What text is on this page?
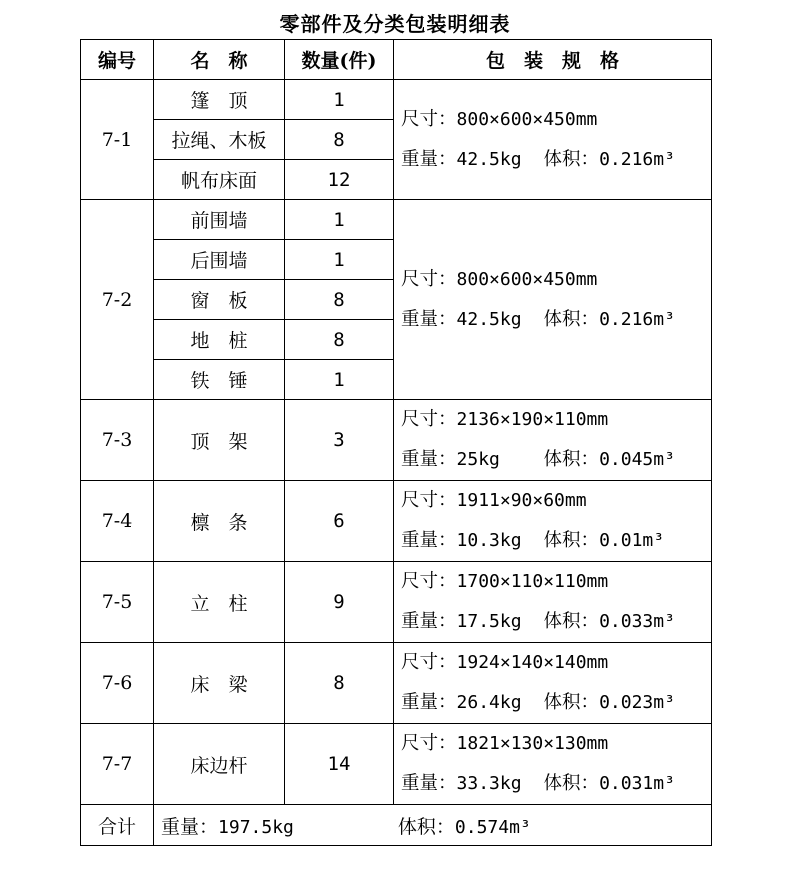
零部件及分类包装明细表
编号	名　称	数量(件)	包　装　规　格
7-1	篷　顶	1	尺寸：800×600×450mm
重量：42.5kg 体积：0.216m³

	拉绳、木板	8	
	帆布床面	12	
7-2	前围墙	1	尺寸：800×600×450mm
重量：42.5kg 体积：0.216m³

	后围墙	1	
	窗　板	8	
	地　桩	8	
	铁　锤	1	
7-3	顶　架	3	尺寸：2136×190×110mm
重量：25kg 体积：0.045m³

7-4	檩　条	6	尺寸：1911×90×60mm
重量：10.3kg 体积：0.01m³

7-5	立　柱	9	尺寸：1700×110×110mm
重量：17.5kg 体积：0.033m³

7-6	床　梁	8	尺寸：1924×140×140mm
重量：26.4kg 体积：0.023m³

7-7	床边杆	14	尺寸：1821×130×130mm
重量：33.3kg 体积：0.031m³

合计	重量：197.5kg 体积：0.574m³		
